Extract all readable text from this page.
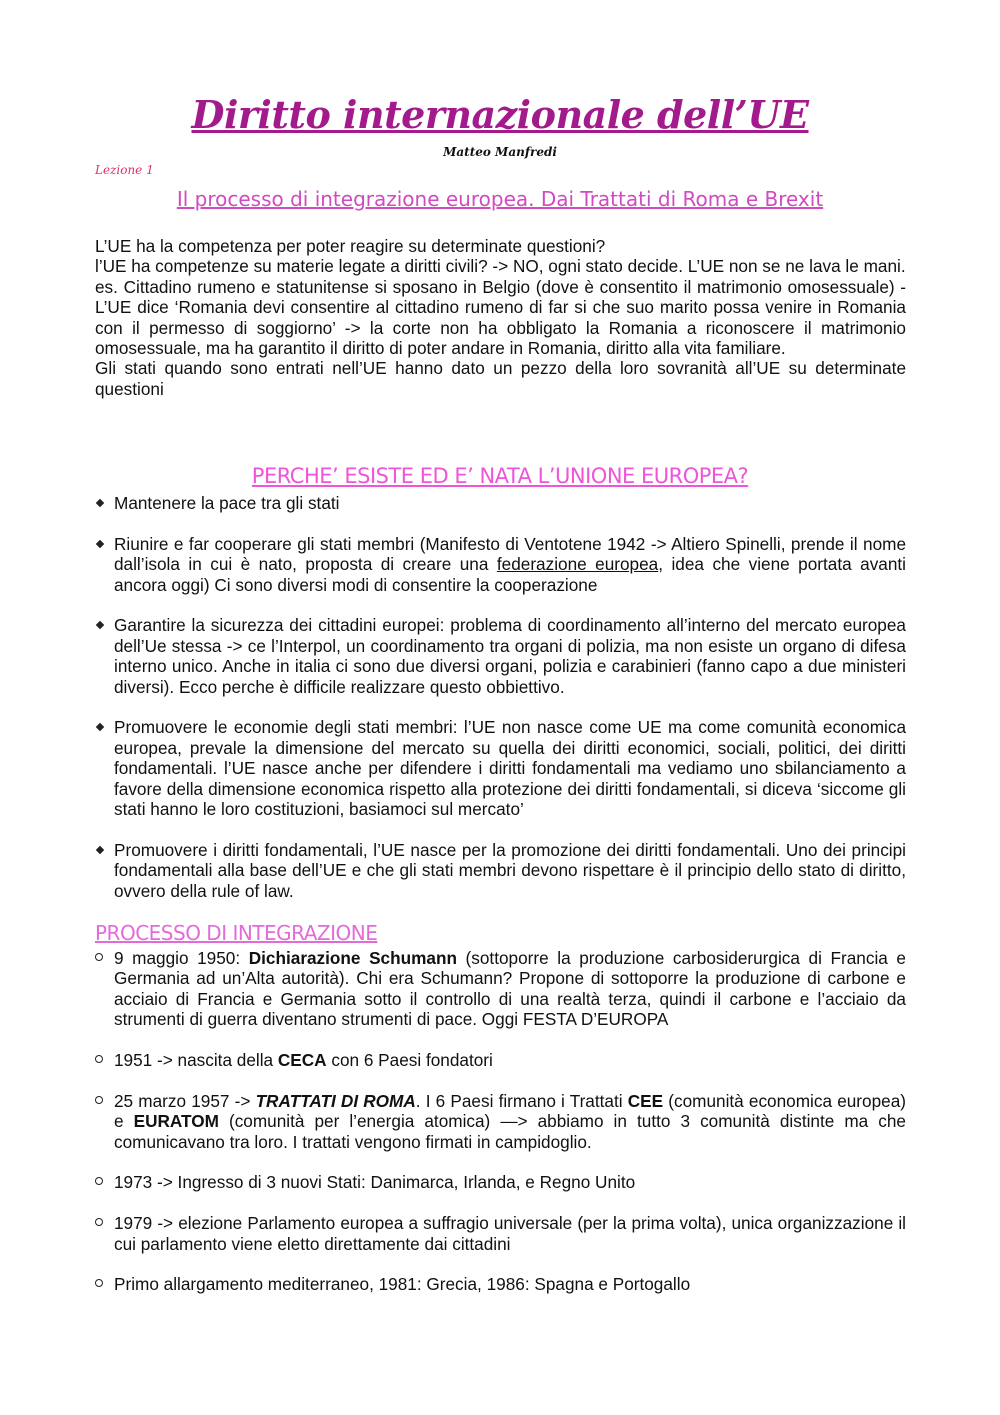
Diritto internazionale dell’UE
Matteo Manfredi
Lezione 1
Il processo di integrazione europea. Dai Trattati di Roma e Brexit

L’UE ha la competenza per poter reagire su determinate questioni?

l’UE ha competenze su materie legate a diritti civili? -> NO, ogni stato decide. L’UE non se ne lava le mani.

es. Cittadino rumeno e statunitense si sposano in Belgio (dove è consentito il matrimonio omosessuale) - L’UE dice ‘Romania devi consentire al cittadino rumeno di far si che suo marito possa venire in Romania con il permesso di soggiorno’ -> la corte non ha obbligato la Romania a riconoscere il matrimonio omosessuale, ma ha garantito il diritto di poter andare in Romania, diritto alla vita familiare.

Gli stati quando sono entrati nell’UE hanno dato un pezzo della loro sovranità all’UE su determinate questioni

PERCHE’ ESISTE ED E’ NATA L’UNIONE EUROPEA?
Mantenere la pace tra gli stati
Riunire e far cooperare gli stati membri (Manifesto di Ventotene 1942 -> Altiero Spinelli, prende il nome dall’isola in cui è nato, proposta di creare una federazione europea, idea che viene portata avanti ancora oggi) Ci sono diversi modi di consentire la cooperazione
Garantire la sicurezza dei cittadini europei: problema di coordinamento all’interno del mercato europea dell’Ue stessa -> ce l’Interpol, un coordinamento tra organi di polizia, ma non esiste un organo di difesa interno unico. Anche in italia ci sono due diversi organi, polizia e carabinieri (fanno capo a due ministeri diversi). Ecco perche è difficile realizzare questo obbiettivo.
Promuovere le economie degli stati membri: l’UE non nasce come UE ma come comunità economica europea, prevale la dimensione del mercato su quella dei diritti economici, sociali, politici, dei diritti fondamentali. l’UE nasce anche per difendere i diritti fondamentali ma vediamo uno sbilanciamento a favore della dimensione economica rispetto alla protezione dei diritti fondamentali, si diceva ‘siccome gli stati hanno le loro costituzioni, basiamoci sul mercato’
Promuovere i diritti fondamentali, l’UE nasce per la promozione dei diritti fondamentali. Uno dei principi fondamentali alla base dell’UE e che gli stati membri devono rispettare è il principio dello stato di diritto, ovvero della rule of law.
PROCESSO DI INTEGRAZIONE
9 maggio 1950: Dichiarazione Schumann (sottoporre la produzione carbosiderurgica di Francia e Germania ad un’Alta autorità). Chi era Schumann? Propone di sottoporre la produzione di carbone e acciaio di Francia e Germania sotto il controllo di una realtà terza, quindi il carbone e l’acciaio da strumenti di guerra diventano strumenti di pace. Oggi FESTA D’EUROPA
1951 -> nascita della CECA con 6 Paesi fondatori
25 marzo 1957 -> TRATTATI DI ROMA. I 6 Paesi firmano i Trattati CEE (comunità economica europea) e EURATOM (comunità per l’energia atomica) —> abbiamo in tutto 3 comunità distinte ma che comunicavano tra loro. I trattati vengono firmati in campidoglio.
1973 -> Ingresso di 3 nuovi Stati: Danimarca, Irlanda, e Regno Unito
1979 -> elezione Parlamento europea a suffragio universale (per la prima volta), unica organizzazione il cui parlamento viene eletto direttamente dai cittadini
Primo allargamento mediterraneo, 1981: Grecia, 1986: Spagna e Portogallo
